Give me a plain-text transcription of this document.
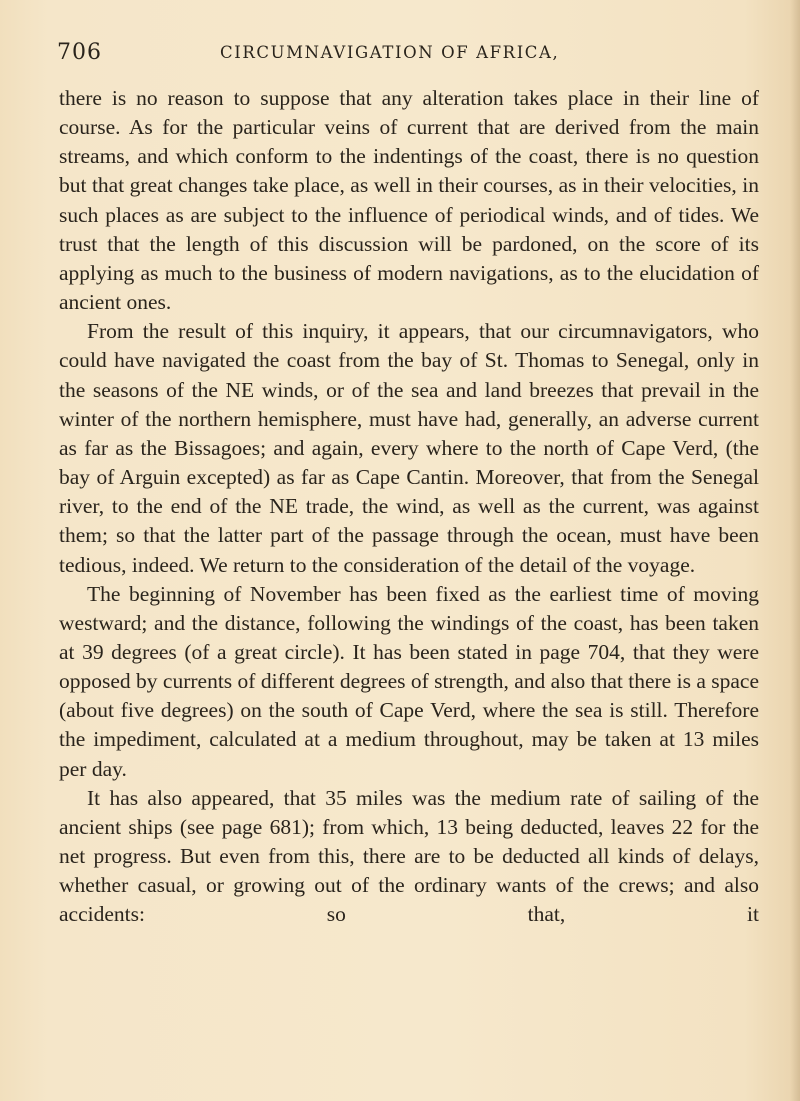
706	CIRCUMNAVIGATION OF AFRICA,

there is no reason to suppose that any alteration takes place in their line of course. As for the particular veins of current that are derived from the main streams, and which conform to the indentings of the coast, there is no question but that great changes take place, as well in their courses, as in their velocities, in such places as are subject to the influence of periodical winds, and of tides. We trust that the length of this discussion will be pardoned, on the score of its applying as much to the business of modern navigations, as to the elucidation of ancient ones.

From the result of this inquiry, it appears, that our circumnavigators, who could have navigated the coast from the bay of St. Thomas to Senegal, only in the seasons of the NE winds, or of the sea and land breezes that prevail in the winter of the northern hemisphere, must have had, generally, an adverse current as far as the Bissagoes; and again, every where to the north of Cape Verd, (the bay of Arguin excepted) as far as Cape Cantin. Moreover, that from the Senegal river, to the end of the NE trade, the wind, as well as the current, was against them; so that the latter part of the passage through the ocean, must have been tedious, indeed. We return to the consideration of the detail of the voyage.

The beginning of November has been fixed as the earliest time of moving westward; and the distance, following the windings of the coast, has been taken at 39 degrees (of a great circle). It has been stated in page 704, that they were opposed by currents of different degrees of strength, and also that there is a space (about five degrees) on the south of Cape Verd, where the sea is still. Therefore the impediment, calculated at a medium throughout, may be taken at 13 miles per day.

It has also appeared, that 35 miles was the medium rate of sailing of the ancient ships (see page 681); from which, 13 being deducted, leaves 22 for the net progress. But even from this, there are to be deducted all kinds of delays, whether casual, or growing out of the ordinary wants of the crews; and also accidents: so that, it
